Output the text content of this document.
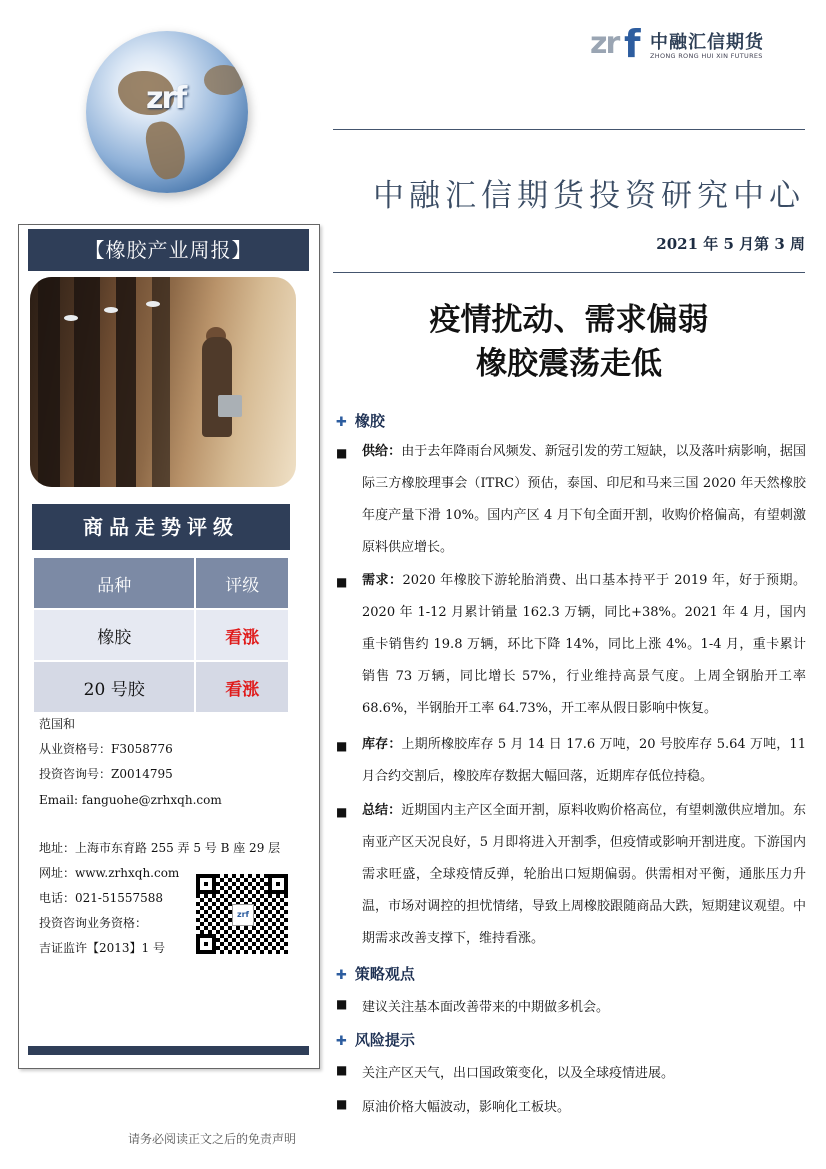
zrf
zr f 中融汇信期货
ZHONG RONG HUI XIN FUTURES
中融汇信期货投资研究中心
2021 年 5 月第 3 周
疫情扰动、需求偏弱
橡胶震荡走低
【橡胶产业周报】
商品走势评级
品种	评级
橡胶	看涨
20 号胶	看涨
范国和
从业资格号：F3058776
投资咨询号：Z0014795
Email: fanguohe@zrhxqh.com
地址：上海市东育路 255 弄 5 号 B 座 29 层
网址：www.zrhxqh.com
电话：021-51557588
投资咨询业务资格：
吉证监许【2013】1 号
zrf
✚ 橡胶
■ 供给：由于去年降雨台风频发、新冠引发的劳工短缺，以及落叶病影响，据国际三方橡胶理事会（ITRC）预估，泰国、印尼和马来三国 2020 年天然橡胶年度产量下滑 10%。国内产区 4 月下旬全面开割，收购价格偏高，有望刺激原料供应增长。
■ 需求：2020 年橡胶下游轮胎消费、出口基本持平于 2019 年，好于预期。2020 年 1-12 月累计销量 162.3 万辆，同比+38%。2021 年 4 月，国内重卡销售约 19.8 万辆，环比下降 14%，同比上涨 4%。1-4 月，重卡累计销售 73 万辆，同比增长 57%，行业维持高景气度。上周全钢胎开工率 68.6%，半钢胎开工率 64.73%，开工率从假日影响中恢复。
■ 库存：上期所橡胶库存 5 月 14 日 17.6 万吨，20 号胶库存 5.64 万吨，11 月合约交割后，橡胶库存数据大幅回落，近期库存低位持稳。
■ 总结：近期国内主产区全面开割，原料收购价格高位，有望刺激供应增加。东南亚产区天况良好，5 月即将进入开割季，但疫情或影响开割进度。下游国内需求旺盛，全球疫情反弹，轮胎出口短期偏弱。供需相对平衡，通胀压力升温，市场对调控的担忧情绪，导致上周橡胶跟随商品大跌，短期建议观望。中期需求改善支撑下，维持看涨。
✚ 策略观点
■ 建议关注基本面改善带来的中期做多机会。
✚ 风险提示
■ 关注产区天气，出口国政策变化，以及全球疫情进展。
■ 原油价格大幅波动，影响化工板块。
请务必阅读正文之后的免责声明
